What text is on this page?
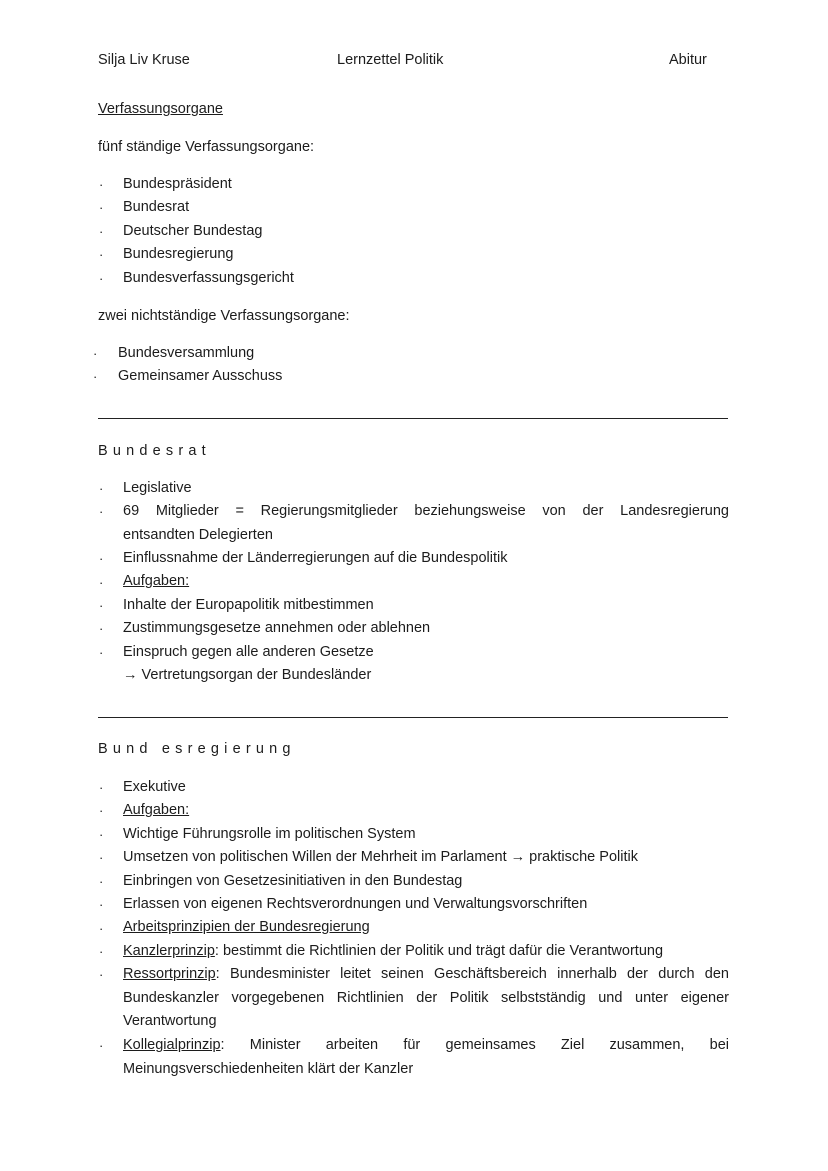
Silja Liv Kruse	Lernzettel Politik	Abitur
Verfassungsorgane
fünf ständige Verfassungsorgane:
· Bundespräsident
· Bundesrat
· Deutscher Bundestag
· Bundesregierung
· Bundesverfassungsgericht
zwei nichtständige Verfassungsorgane:
· Bundesversammlung
· Gemeinsamer Ausschuss
Bundesrat
· Legislative
· 69 Mitglieder = Regierungsmitglieder beziehungsweise von der Landesregierung
entsandten Delegierten
· Einflussnahme der Länderregierungen auf die Bundespolitik
· Aufgaben:
· Inhalte der Europapolitik mitbestimmen
· Zustimmungsgesetze annehmen oder ablehnen
· Einspruch gegen alle anderen Gesetze
→ Vertretungsorgan der Bundesländer
Bund esregierung
· Exekutive
· Aufgaben:
· Wichtige Führungsrolle im politischen System
· Umsetzen von politischen Willen der Mehrheit im Parlament → praktische Politik
· Einbringen von Gesetzesinitiativen in den Bundestag
· Erlassen von eigenen Rechtsverordnungen und Verwaltungsvorschriften
· Arbeitsprinzipien der Bundesregierung
· Kanzlerprinzip: bestimmt die Richtlinien der Politik und trägt dafür die Verantwortung
· Ressortprinzip: Bundesminister leitet seinen Geschäftsbereich innerhalb der durch den
Bundeskanzler vorgegebenen Richtlinien der Politik selbstständig und unter eigener
Verantwortung
· Kollegialprinzip: Minister arbeiten für gemeinsames Ziel zusammen, bei
Meinungsverschiedenheiten klärt der Kanzler
